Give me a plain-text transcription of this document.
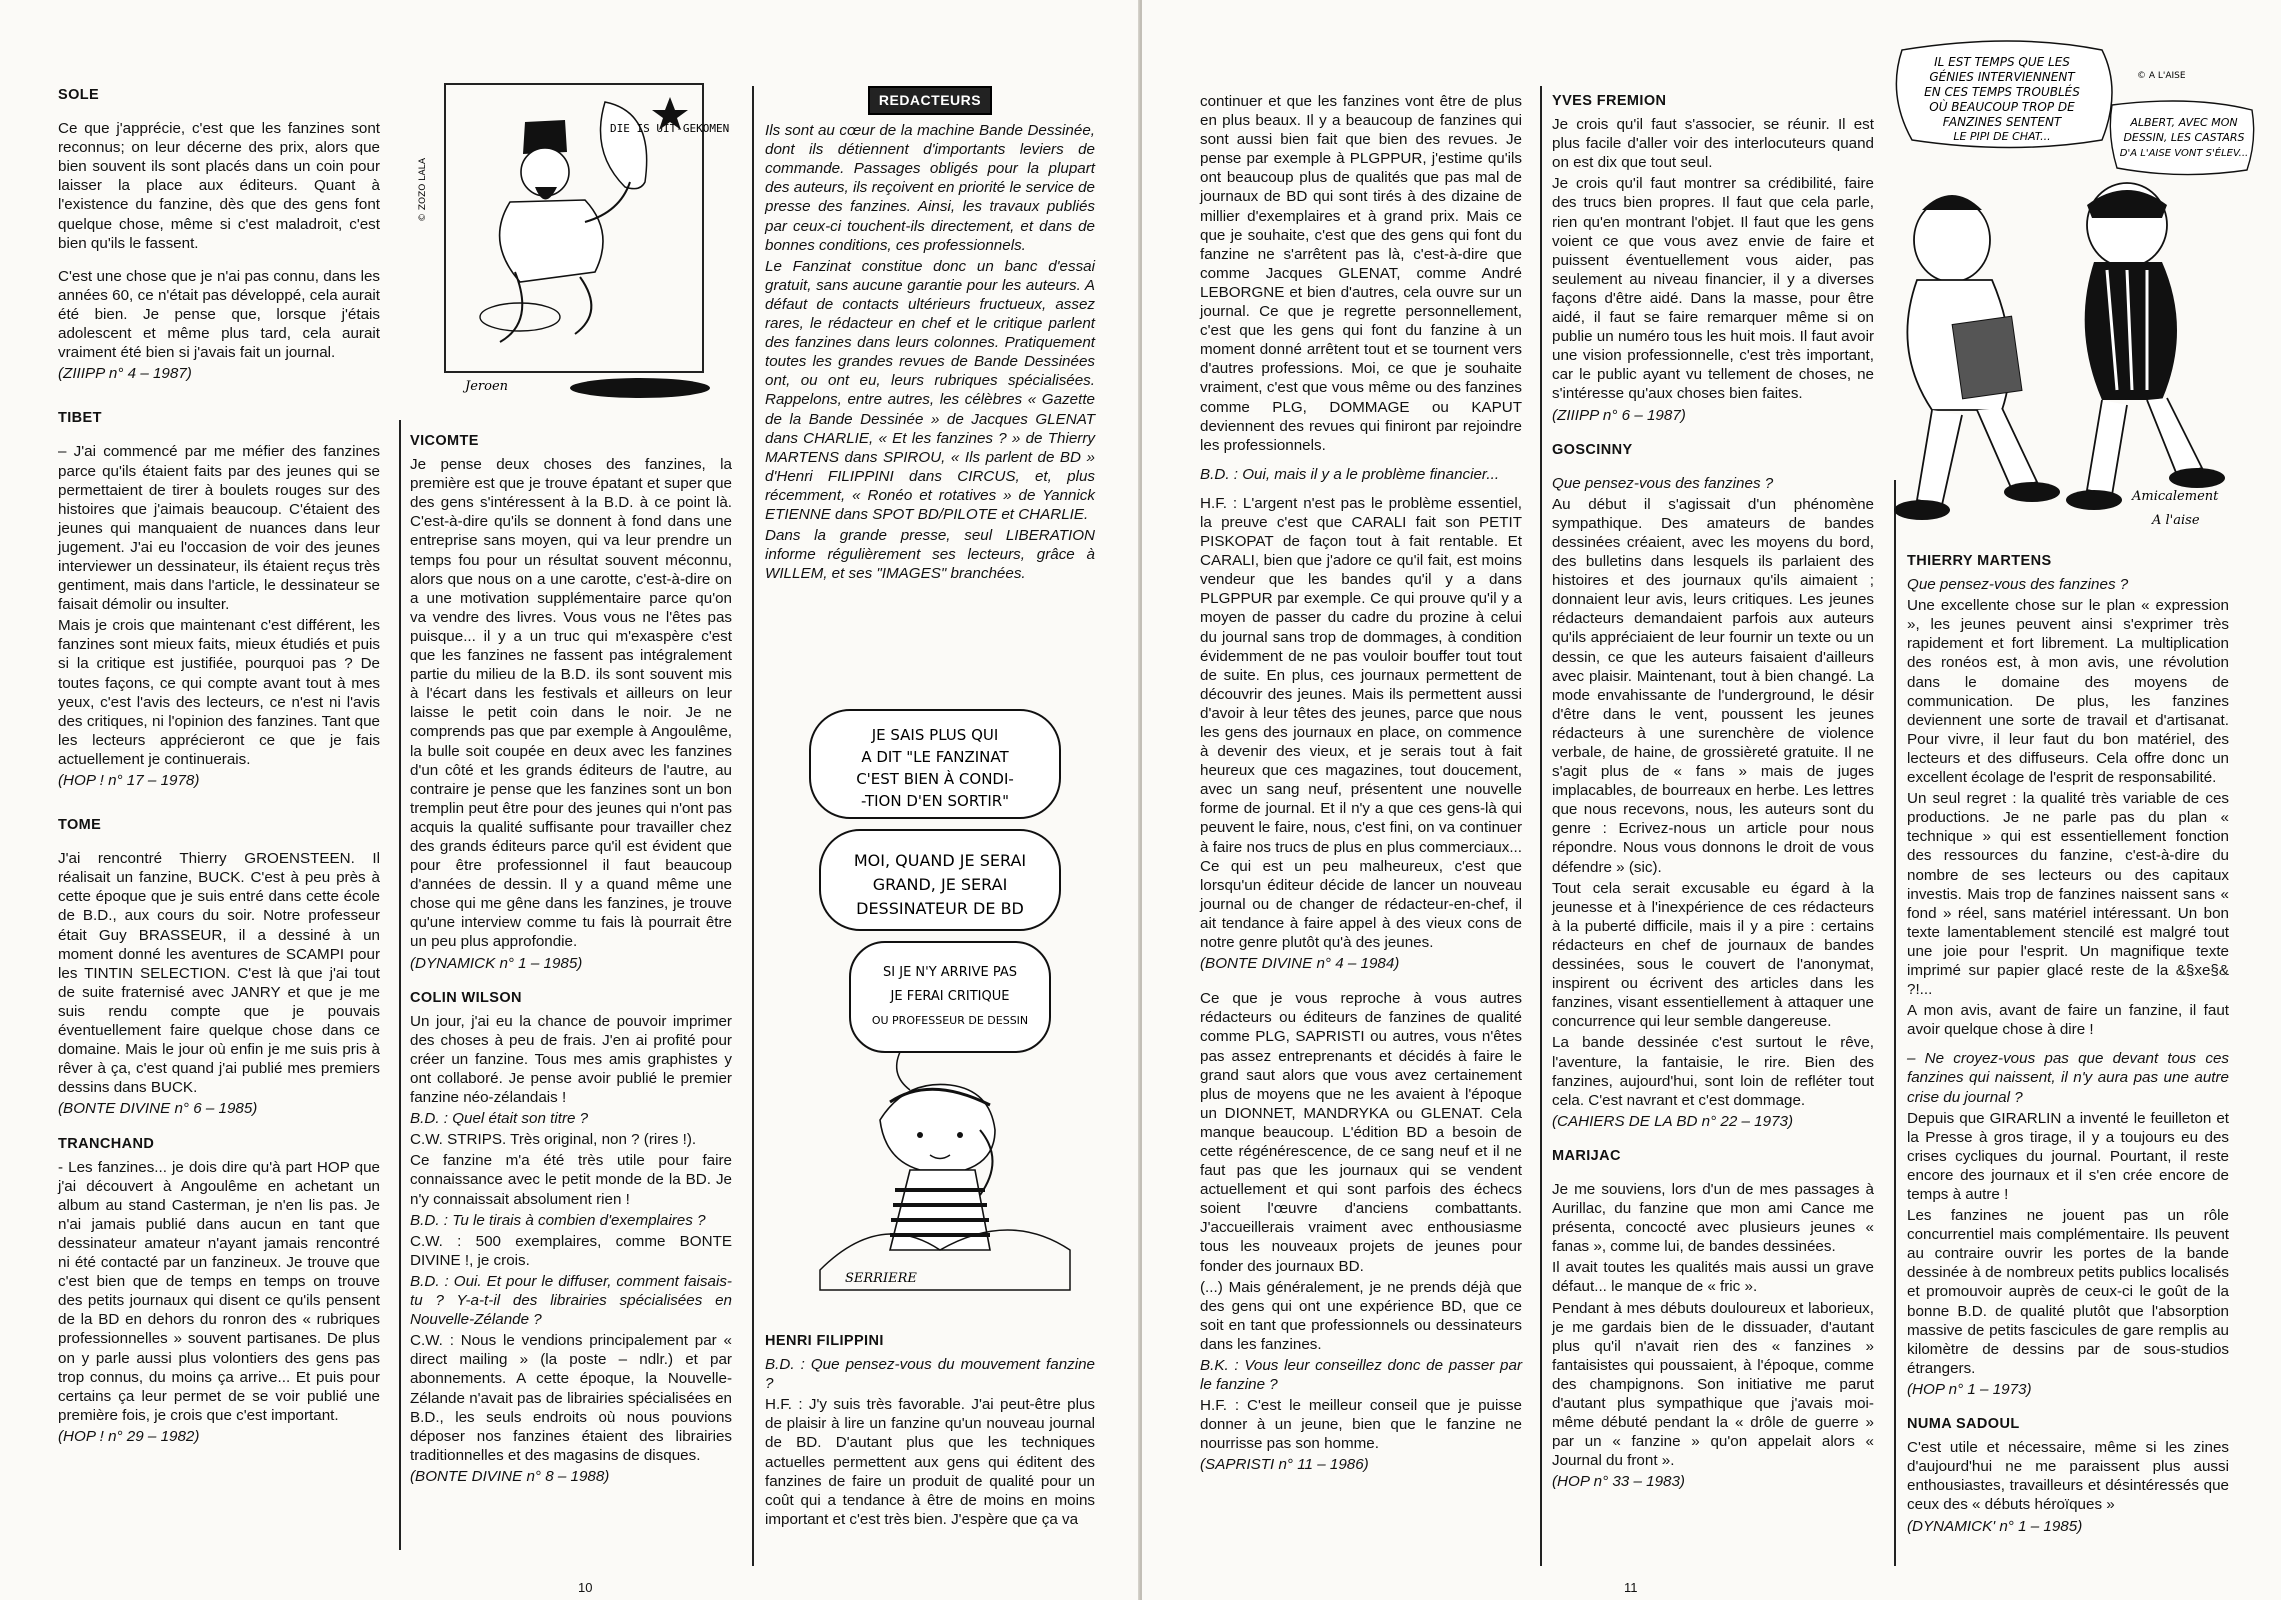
SOLE

Ce que j'apprécie, c'est que les fanzines sont reconnus; on leur décerne des prix, alors que bien souvent ils sont placés dans un coin pour laisser la place aux éditeurs. Quant à l'existence du fanzine, dès que des gens font quelque chose, même si c'est maladroit, c'est bien qu'ils le fassent.

C'est une chose que je n'ai pas connu, dans les années 60, ce n'était pas développé, cela aurait été bien. Je pense que, lorsque j'étais adolescent et même plus tard, cela aurait vraiment été bien si j'avais fait un journal.

(ZIIIPP n° 4 – 1987)

TIBET

– J'ai commencé par me méfier des fanzines parce qu'ils étaient faits par des jeunes qui se permettaient de tirer à boulets rouges sur des histoires que j'aimais beaucoup. C'étaient des jeunes qui manquaient de nuances dans leur jugement. J'ai eu l'occasion de voir des jeunes interviewer un dessinateur, ils étaient reçus très gentiment, mais dans l'article, le dessinateur se faisait démolir ou insulter.

Mais je crois que maintenant c'est différent, les fanzines sont mieux faits, mieux étudiés et puis si la critique est justifiée, pourquoi pas ? De toutes façons, ce qui compte avant tout à mes yeux, c'est l'avis des lecteurs, ce n'est ni l'avis des critiques, ni l'opinion des fanzines. Tant que les lecteurs apprécieront ce que je fais actuellement je continuerais.

(HOP ! n° 17 – 1978)

TOME

J'ai rencontré Thierry GROENSTEEN. Il réalisait un fanzine, BUCK. C'est à peu près à cette époque que je suis entré dans cette école de B.D., aux cours du soir. Notre professeur était Guy BRASSEUR, il a dessiné à un moment donné les aventures de SCAMPI pour les TINTIN SELECTION. C'est là que j'ai tout de suite fraternisé avec JANRY et que je me suis rendu compte que je pouvais éventuellement faire quelque chose dans ce domaine. Mais le jour où enfin je me suis pris à rêver à ça, c'est quand j'ai publié mes premiers dessins dans BUCK.

(BONTE DIVINE n° 6 – 1985)

TRANCHAND

- Les fanzines... je dois dire qu'à part HOP que j'ai découvert à Angoulême en achetant un album au stand Casterman, je n'en lis pas. Je n'ai jamais publié dans aucun en tant que dessinateur amateur n'ayant jamais rencontré ni été contacté par un fanzineux. Je trouve que c'est bien que de temps en temps on trouve des petits journaux qui disent ce qu'ils pensent de la BD en dehors du ronron des « rubriques professionnelles » souvent partisanes. De plus on y parle aussi plus volontiers des gens pas trop connus, du moins ça arrive... Et puis pour certains ça leur permet de se voir publié une première fois, je crois que c'est important.

(HOP ! n° 29 – 1982)

© ZOZO LALA
DIE IS UIT-GEKOMEN
Jeroen
VICOMTE

Je pense deux choses des fanzines, la première est que je trouve épatant et super que des gens s'intéressent à la B.D. à ce point là. C'est-à-dire qu'ils se donnent à fond dans une entreprise sans moyen, qui va leur prendre un temps fou pour un résultat souvent méconnu, alors que nous on a une carotte, c'est-à-dire on a une motivation supplémentaire parce qu'on va vendre des livres. Vous vous ne l'êtes pas puisque... il y a un truc qui m'exaspère c'est que les fanzines ne fassent pas intégralement partie du milieu de la B.D. ils sont souvent mis à l'écart dans les festivals et ailleurs on leur laisse le petit coin dans le noir. Je ne comprends pas que par exemple à Angoulême, la bulle soit coupée en deux avec les fanzines d'un côté et les grands éditeurs de l'autre, au contraire je pense que les fanzines sont un bon tremplin peut être pour des jeunes qui n'ont pas acquis la qualité suffisante pour travailler chez des grands éditeurs parce qu'il est évident que pour être professionnel il faut beaucoup d'années de dessin. Il y a quand même une chose qui me gêne dans les fanzines, je trouve qu'une interview comme tu fais là pourrait être un peu plus approfondie.

(DYNAMICK n° 1 – 1985)

COLIN WILSON

Un jour, j'ai eu la chance de pouvoir imprimer des choses à peu de frais. J'en ai profité pour créer un fanzine. Tous mes amis graphistes y ont collaboré. Je pense avoir publié le premier fanzine néo-zélandais !

B.D. : Quel était son titre ?

C.W. STRIPS. Très original, non ? (rires !).

Ce fanzine m'a été très utile pour faire connaissance avec le petit monde de la BD. Je n'y connaissait absolument rien !

B.D. : Tu le tirais à combien d'exemplaires ?

C.W. : 500 exemplaires, comme BONTE DIVINE !, je crois.

B.D. : Oui. Et pour le diffuser, comment faisais-tu ? Y-a-t-il des librairies spécialisées en Nouvelle-Zélande ?

C.W. : Nous le vendions principalement par « direct mailing » (la poste – ndlr.) et par abonnements. A cette époque, la Nouvelle-Zélande n'avait pas de librairies spécialisées en B.D., les seuls endroits où nous pouvions déposer nos fanzines étaient des librairies traditionnelles et des magasins de disques.

(BONTE DIVINE n° 8 – 1988)

REDACTEURS

Ils sont au cœur de la machine Bande Dessinée, dont ils détiennent d'importants leviers de commande. Passages obligés pour la plupart des auteurs, ils reçoivent en priorité le service de presse des fanzines. Ainsi, les travaux publiés par ceux-ci touchent-ils directement, et dans de bonnes conditions, ces professionnels.

Le Fanzinat constitue donc un banc d'essai gratuit, sans aucune garantie pour les auteurs. A défaut de contacts ultérieurs fructueux, assez rares, le rédacteur en chef et le critique parlent des fanzines dans leurs colonnes. Pratiquement toutes les grandes revues de Bande Dessinées ont, ou ont eu, leurs rubriques spécialisées. Rappelons, entre autres, les célèbres « Gazette de la Bande Dessinée » de Jacques GLENAT dans CHARLIE, « Et les fanzines ? » de Thierry MARTENS dans SPIROU, « Ils parlent de BD » d'Henri FILIPPINI dans CIRCUS, et, plus récemment, « Ronéo et rotatives » de Yannick ETIENNE dans SPOT BD/PILOTE et CHARLIE.

Dans la grande presse, seul LIBERATION informe régulièrement ses lecteurs, grâce à WILLEM, et ses "IMAGES" branchées.

JE SAIS PLUS QUI
A DIT "LE FANZINAT
C'EST BIEN À CONDI-
-TION D'EN SORTIR"
MOI, QUAND JE SERAI
GRAND, JE SERAI
DESSINATEUR DE BD
SI JE N'Y ARRIVE PAS
JE FERAI CRITIQUE
OU PROFESSEUR DE DESSIN
SERRIERE
HENRI FILIPPINI

B.D. : Que pensez-vous du mouvement fanzine ?

H.F. : J'y suis très favorable. J'ai peut-être plus de plaisir à lire un fanzine qu'un nouveau journal de BD. D'autant plus que les techniques actuelles permettent aux gens qui éditent des fanzines de faire un produit de qualité pour un coût qui a tendance à être de moins en moins important et c'est très bien. J'espère que ça va

10

continuer et que les fanzines vont être de plus en plus beaux. Il y a beaucoup de fanzines qui sont aussi bien fait que bien des revues. Je pense par exemple à PLGPPUR, j'estime qu'ils ont beaucoup plus de qualités que pas mal de journaux de BD qui sont tirés à des dizaine de millier d'exemplaires et à grand prix. Mais ce que je souhaite, c'est que des gens qui font du fanzine ne s'arrêtent pas là, c'est-à-dire que comme Jacques GLENAT, comme André LEBORGNE et bien d'autres, cela ouvre sur un journal. Ce que je regrette personnellement, c'est que les gens qui font du fanzine à un moment donné arrêtent tout et se tournent vers d'autres professions. Moi, ce que je souhaite vraiment, c'est que vous même ou des fanzines comme PLG, DOMMAGE ou KAPUT deviennent des revues qui finiront par rejoindre les professionnels.

B.D. : Oui, mais il y a le problème financier...

H.F. : L'argent n'est pas le problème essentiel, la preuve c'est que CARALI fait son PETIT PISKOPAT de façon tout à fait rentable. Et CARALI, bien que j'adore ce qu'il fait, est moins vendeur que les bandes qu'il y a dans PLGPPUR par exemple. Ce qui prouve qu'il y a moyen de passer du cadre du prozine à celui du journal sans trop de dommages, à condition évidemment de ne pas vouloir bouffer tout tout de suite. En plus, ces journaux permettent de découvrir des jeunes. Mais ils permettent aussi d'avoir à leur têtes des jeunes, parce que nous les gens des journaux en place, on commence à devenir des vieux, et je serais tout à fait heureux que ces magazines, tout doucement, avec un sang neuf, présentent une nouvelle forme de journal. Et il n'y a que ces gens-là qui peuvent le faire, nous, c'est fini, on va continuer à faire nos trucs de plus en plus commerciaux... Ce qui est un peu malheureux, c'est que lorsqu'un éditeur décide de lancer un nouveau journal ou de changer de rédacteur-en-chef, il ait tendance à faire appel à des vieux cons de notre genre plutôt qu'à des jeunes.

(BONTE DIVINE n° 4 – 1984)

Ce que je vous reproche à vous autres rédacteurs ou éditeurs de fanzines de qualité comme PLG, SAPRISTI ou autres, vous n'êtes pas assez entreprenants et décidés à faire le grand saut alors que vous avez certainement plus de moyens que ne les avaient à l'époque un DIONNET, MANDRYKA ou GLENAT. Cela manque beaucoup. L'édition BD a besoin de cette régénérescence, de ce sang neuf et il ne faut pas que les journaux qui se vendent actuellement et qui sont parfois des échecs soient l'œuvre d'anciens combattants. J'accueillerais vraiment avec enthousiasme tous les nouveaux projets de jeunes pour fonder des journaux BD.

(...) Mais généralement, je ne prends déjà que des gens qui ont une expérience BD, que ce soit en tant que professionnels ou dessinateurs dans les fanzines.

B.K. : Vous leur conseillez donc de passer par le fanzine ?

H.F. : C'est le meilleur conseil que je puisse donner à un jeune, bien que le fanzine ne nourrisse pas son homme.

(SAPRISTI n° 11 – 1986)

YVES FREMION

Je crois qu'il faut s'associer, se réunir. Il est plus facile d'aller voir des interlocuteurs quand on est dix que tout seul.

Je crois qu'il faut montrer sa crédibilité, faire des trucs bien propres. Il faut que cela parle, rien qu'en montrant l'objet. Il faut que les gens voient ce que vous avez envie de faire et puissent éventuellement vous aider, pas seulement au niveau financier, il y a diverses façons d'être aidé. Dans la masse, pour être aidé, il faut se faire remarquer même si on publie un numéro tous les huit mois. Il faut avoir une vision professionnelle, c'est très important, car le public ayant vu tellement de choses, ne s'intéresse qu'aux choses bien faites.

(ZIIIPP n° 6 – 1987)

GOSCINNY

Que pensez-vous des fanzines ?

Au début il s'agissait d'un phénomène sympathique. Des amateurs de bandes dessinées créaient, avec les moyens du bord, des bulletins dans lesquels ils parlaient des histoires et des journaux qu'ils aimaient ; donnaient leur avis, leurs critiques. Les jeunes rédacteurs demandaient parfois aux auteurs qu'ils appréciaient de leur fournir un texte ou un dessin, ce que les auteurs faisaient d'ailleurs avec plaisir. Maintenant, tout à bien changé. La mode envahissante de l'underground, le désir d'être dans le vent, poussent les jeunes rédacteurs à une surenchère de violence verbale, de haine, de grossièreté gratuite. Il ne s'agit plus de « fans » mais de juges implacables, de bourreaux en herbe. Les lettres que nous recevons, nous, les auteurs sont du genre : Ecrivez-nous un article pour nous répondre. Nous vous donnons le droit de vous défendre » (sic).

Tout cela serait excusable eu égard à la jeunesse et à l'inexpérience de ces rédacteurs à la puberté difficile, mais il y a pire : certains rédacteurs en chef de journaux de bandes dessinées, sous le couvert de l'anonymat, inspirent ou écrivent des articles dans les fanzines, visant essentiellement à attaquer une concurrence qui leur semble dangereuse.

La bande dessinée c'est surtout le rêve, l'aventure, la fantaisie, le rire. Bien des fanzines, aujourd'hui, sont loin de refléter tout cela. C'est navrant et c'est dommage.

(CAHIERS DE LA BD n° 22 – 1973)

MARIJAC

Je me souviens, lors d'un de mes passages à Aurillac, du fanzine que mon ami Cance me présenta, concocté avec plusieurs jeunes « fanas », comme lui, de bandes dessinées.

Il avait toutes les qualités mais aussi un grave défaut... le manque de « fric ».

Pendant à mes débuts douloureux et laborieux, je me gardais bien de le dissuader, d'autant plus qu'il n'avait rien des « fanzines » fantaisistes qui poussaient, à l'époque, comme des champignons. Son initiative me parut d'autant plus sympathique que j'avais moi-même débuté pendant la « drôle de guerre » par un « fanzine » qu'on appelait alors « Journal du front ».

(HOP n° 33 – 1983)

IL EST TEMPS QUE LES
GÉNIES INTERVIENNENT
EN CES TEMPS TROUBLÉS
OÙ BEAUCOUP TROP DE
FANZINES SENTENT
LE PIPI DE CHAT...
© A L'AISE
ALBERT, AVEC MON
DESSIN, LES CASTARS
D'A L'AISE VONT S'ÉLEV...
Amicalement
A l'aise
THIERRY MARTENS

Que pensez-vous des fanzines ?

Une excellente chose sur le plan « expression », les jeunes peuvent ainsi s'exprimer très rapidement et fort librement. La multiplication des ronéos est, à mon avis, une révolution dans le domaine des moyens de communication. De plus, les fanzines deviennent une sorte de travail et d'artisanat. Pour vivre, il leur faut du bon matériel, des lecteurs et des diffuseurs. Cela offre donc un excellent écolage de l'esprit de responsabilité.

Un seul regret : la qualité très variable de ces productions. Je ne parle pas du plan « technique » qui est essentiellement fonction des ressources du fanzine, c'est-à-dire du nombre de ses lecteurs ou des capitaux investis. Mais trop de fanzines naissent sans « fond » réel, sans matériel intéressant. Un bon texte lamentablement stencilé est malgré tout une joie pour l'esprit. Un magnifique texte imprimé sur papier glacé reste de la &§xe§& ?!...

A mon avis, avant de faire un fanzine, il faut avoir quelque chose à dire !

– Ne croyez-vous pas que devant tous ces fanzines qui naissent, il n'y aura pas une autre crise du journal ?

Depuis que GIRARLIN a inventé le feuilleton et la Presse à gros tirage, il y a toujours eu des crises cycliques du journal. Pourtant, il reste encore des journaux et il s'en crée encore de temps à autre !

Les fanzines ne jouent pas un rôle concurrentiel mais complémentaire. Ils peuvent au contraire ouvrir les portes de la bande dessinée à de nombreux petits publics localisés et promouvoir auprès de ceux-ci le goût de la bonne B.D. de qualité plutôt que l'absorption massive de petits fascicules de gare remplis au kilomètre de dessins par de sous-studios étrangers.

(HOP n° 1 – 1973)

NUMA SADOUL

C'est utile et nécessaire, même si les zines d'aujourd'hui ne me paraissent plus aussi enthousiastes, travailleurs et désintéressés que ceux des « débuts héroïques »

(DYNAMICK' n° 1 – 1985)

11
